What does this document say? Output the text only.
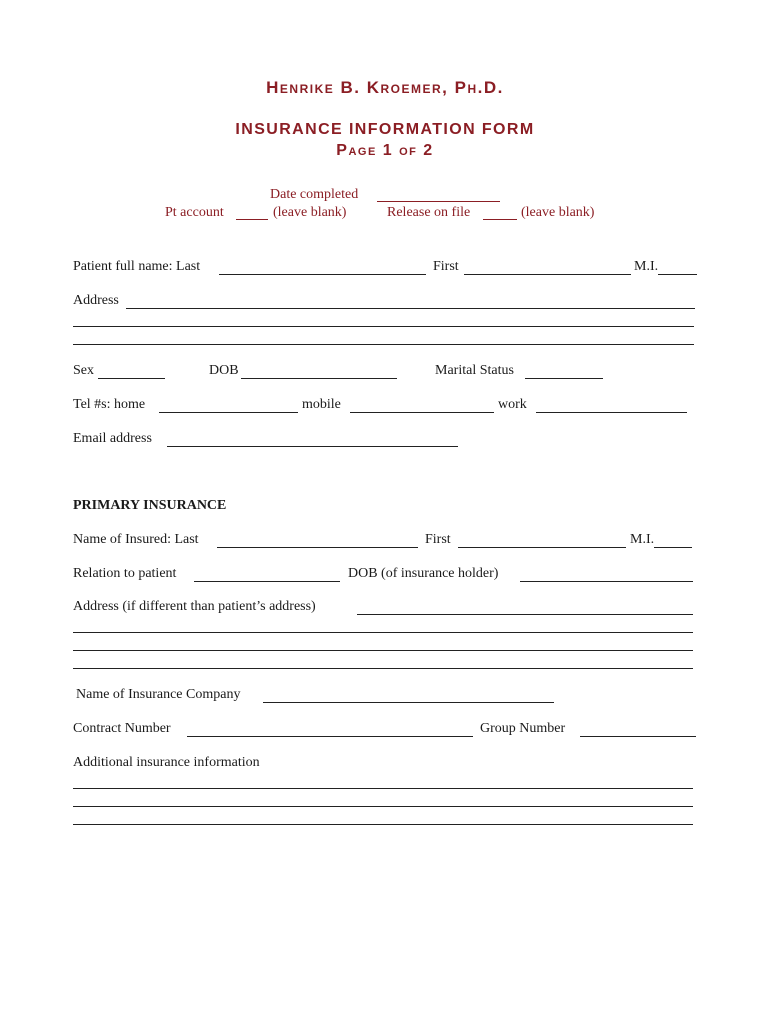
Henrike B. Kroemer, Ph.D.
INSURANCE INFORMATION FORM
Page 1 of 2
Date completed
Pt account	(leave blank)	Release on file	(leave blank)
Patient full name: Last	First	M.I.
Address
Sex	DOB	Marital Status
Tel #s: home	mobile	work
Email address
PRIMARY INSURANCE
Name of Insured: Last	First	M.I.
Relation to patient	DOB (of insurance holder)
Address (if different than patient’s address)
Name of Insurance Company
Contract Number	Group Number
Additional insurance information
